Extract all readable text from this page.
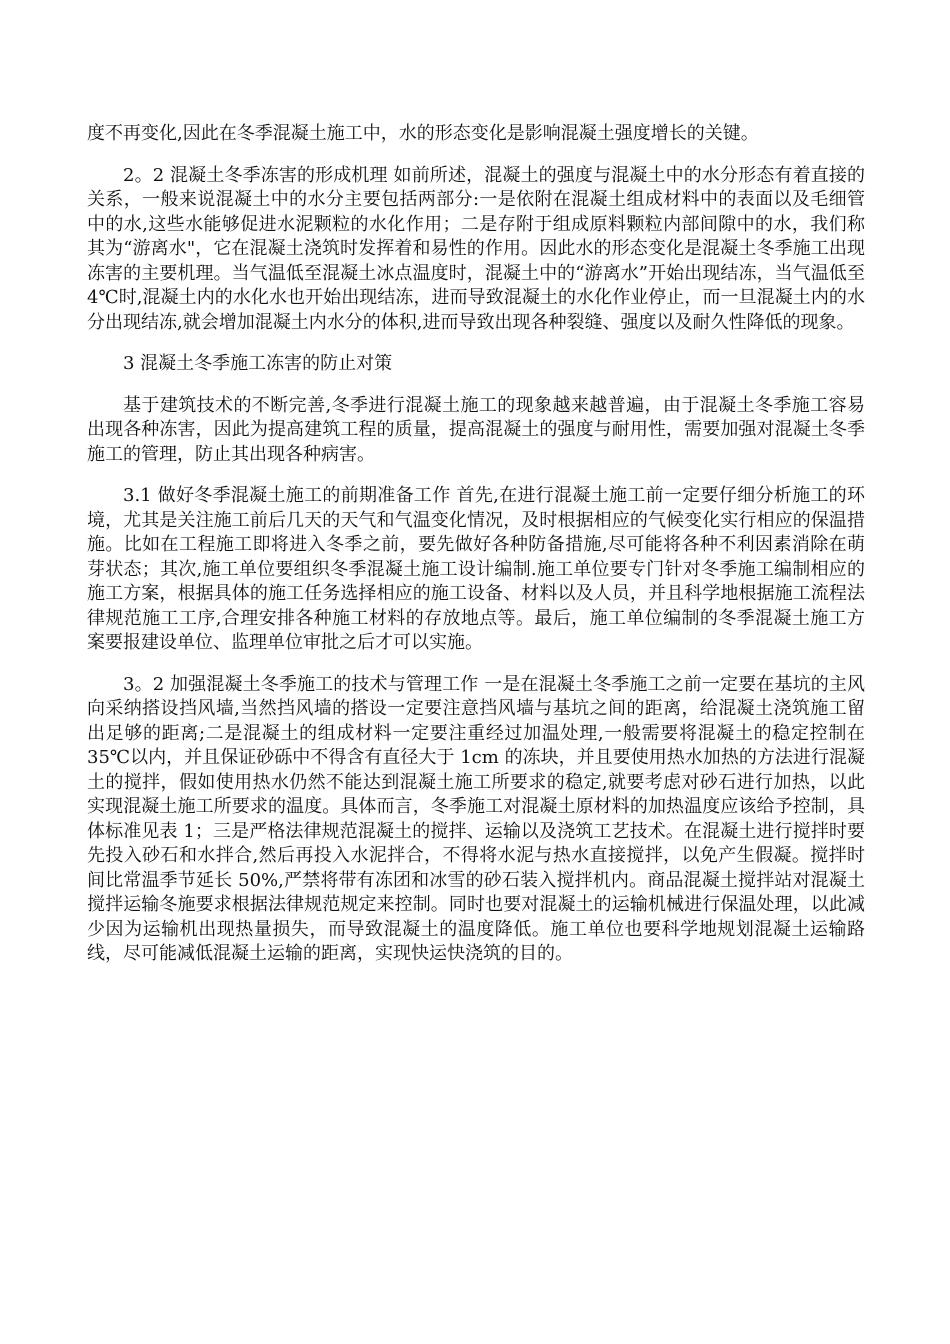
度不再变化,因此在冬季混凝土施工中，水的形态变化是影响混凝土强度增长的关键。

2。2 混凝土冬季冻害的形成机理 如前所述，混凝土的强度与混凝土中的水分形态有着直接的关系，一般来说混凝土中的水分主要包括两部分:一是依附在混凝土组成材料中的表面以及毛细管中的水,这些水能够促进水泥颗粒的水化作用；二是存附于组成原料颗粒内部间隙中的水，我们称其为“游离水"，它在混凝土浇筑时发挥着和易性的作用。因此水的形态变化是混凝土冬季施工出现冻害的主要机理。当气温低至混凝土冰点温度时，混凝土中的“游离水”开始出现结冻，当气温低至 4℃时,混凝土内的水化水也开始出现结冻，进而导致混凝土的水化作业停止，而一旦混凝土内的水分出现结冻,就会增加混凝土内水分的体积,进而导致出现各种裂缝、强度以及耐久性降低的现象。

3 混凝土冬季施工冻害的防止对策

基于建筑技术的不断完善,冬季进行混凝土施工的现象越来越普遍，由于混凝土冬季施工容易出现各种冻害，因此为提高建筑工程的质量，提高混凝土的强度与耐用性，需要加强对混凝土冬季施工的管理，防止其出现各种病害。

3.1 做好冬季混凝土施工的前期准备工作 首先,在进行混凝土施工前一定要仔细分析施工的环境，尤其是关注施工前后几天的天气和气温变化情况，及时根据相应的气候变化实行相应的保温措施。比如在工程施工即将进入冬季之前，要先做好各种防备措施,尽可能将各种不利因素消除在萌芽状态；其次,施工单位要组织冬季混凝土施工设计编制.施工单位要专门针对冬季施工编制相应的施工方案，根据具体的施工任务选择相应的施工设备、材料以及人员，并且科学地根据施工流程法律规范施工工序,合理安排各种施工材料的存放地点等。最后，施工单位编制的冬季混凝土施工方案要报建设单位、监理单位审批之后才可以实施。

3。2 加强混凝土冬季施工的技术与管理工作 一是在混凝土冬季施工之前一定要在基坑的主风向采纳搭设挡风墙,当然挡风墙的搭设一定要注意挡风墙与基坑之间的距离，给混凝土浇筑施工留出足够的距离;二是混凝土的组成材料一定要注重经过加温处理,一般需要将混凝土的稳定控制在 35℃以内，并且保证砂砾中不得含有直径大于 1cm 的冻块，并且要使用热水加热的方法进行混凝土的搅拌，假如使用热水仍然不能达到混凝土施工所要求的稳定,就要考虑对砂石进行加热，以此实现混凝土施工所要求的温度。具体而言，冬季施工对混凝土原材料的加热温度应该给予控制，具体标准见表 1；三是严格法律规范混凝土的搅拌、运输以及浇筑工艺技术。在混凝土进行搅拌时要先投入砂石和水拌合,然后再投入水泥拌合，不得将水泥与热水直接搅拌，以免产生假凝。搅拌时间比常温季节延长 50%,严禁将带有冻团和冰雪的砂石装入搅拌机内。商品混凝土搅拌站对混凝土搅拌运输冬施要求根据法律规范规定来控制。同时也要对混凝土的运输机械进行保温处理，以此减少因为运输机出现热量损失，而导致混凝土的温度降低。施工单位也要科学地规划混凝土运输路线，尽可能减低混凝土运输的距离，实现快运快浇筑的目的。
